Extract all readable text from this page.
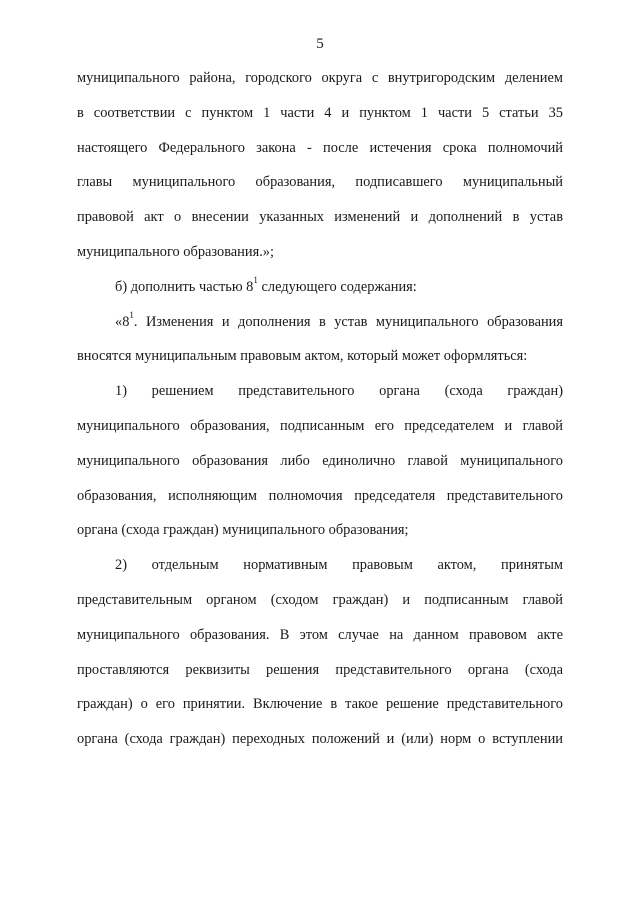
5
муниципального района, городского округа с внутригородским делением
в соответствии с пунктом 1 части 4 и пунктом 1 части 5 статьи 35
настоящего Федерального закона - после истечения срока полномочий
главы муниципального образования, подписавшего муниципальный
правовой акт о внесении указанных изменений и дополнений в устав
муниципального образования.»;
б) дополнить частью $8^1$ следующего содержания:
«$8^1$. Изменения и дополнения в устав муниципального образования
вносятся муниципальным правовым актом, который может оформляться:
1) решением представительного органа (схода граждан)
муниципального образования, подписанным его председателем и главой
муниципального образования либо единолично главой муниципального
образования, исполняющим полномочия председателя представительного
органа (схода граждан) муниципального образования;
2) отдельным нормативным правовым актом, принятым
представительным органом (сходом граждан) и подписанным главой
муниципального образования. В этом случае на данном правовом акте
проставляются реквизиты решения представительного органа (схода
граждан) о его принятии. Включение в такое решение представительного
органа (схода граждан) переходных положений и (или) норм о вступлении
